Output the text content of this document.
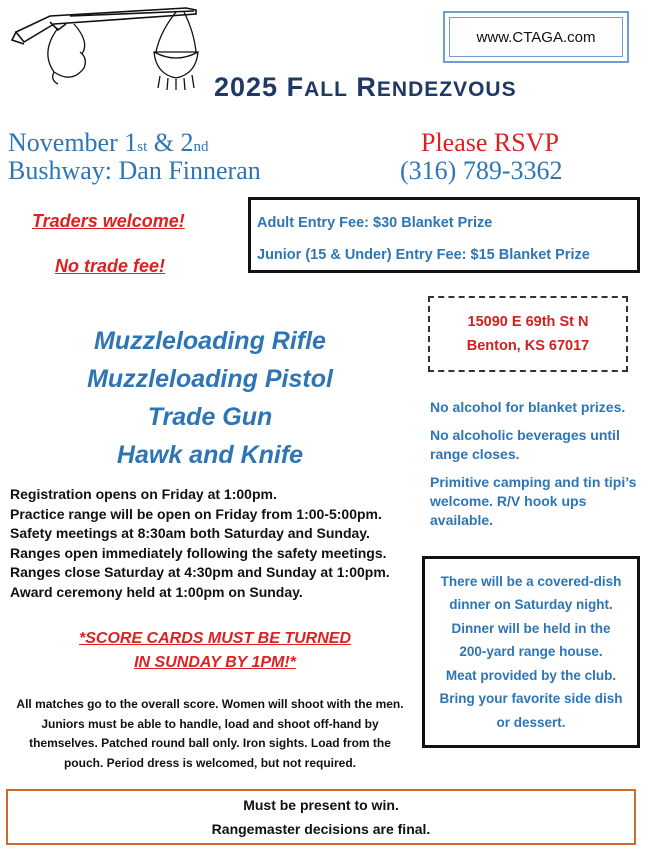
www.CTAGA.com
2025 FALL RENDEZVOUS
November 1st & 2nd
Bushway: Dan Finneran
Please RSVP
(316) 789-3362
Traders welcome!
No trade fee!
Adult Entry Fee: $30 Blanket Prize
Junior (15 & Under) Entry Fee: $15 Blanket Prize
15090 E 69th St N
Benton, KS 67017
Muzzleloading Rifle
Muzzleloading Pistol
Trade Gun
Hawk and Knife
No alcohol for blanket prizes.
No alcoholic beverages until range closes.
Primitive camping and tin tipi’s welcome. R/V hook ups available.
Registration opens on Friday at 1:00pm.
Practice range will be open on Friday from 1:00-5:00pm.
Safety meetings at 8:30am both Saturday and Sunday.
Ranges open immediately following the safety meetings.
Ranges close Saturday at 4:30pm and Sunday at 1:00pm.
Award ceremony held at 1:00pm on Sunday.
*SCORE CARDS MUST BE TURNED
IN SUNDAY BY 1PM!*
All matches go to the overall score. Women will shoot with the men. Juniors must be able to handle, load and shoot off-hand by themselves. Patched round ball only. Iron sights. Load from the pouch. Period dress is welcomed, but not required.
There will be a covered-dish
dinner on Saturday night.
Dinner will be held in the
200-yard range house.
Meat provided by the club.
Bring your favorite side dish
or dessert.
Must be present to win.
Rangemaster decisions are final.
